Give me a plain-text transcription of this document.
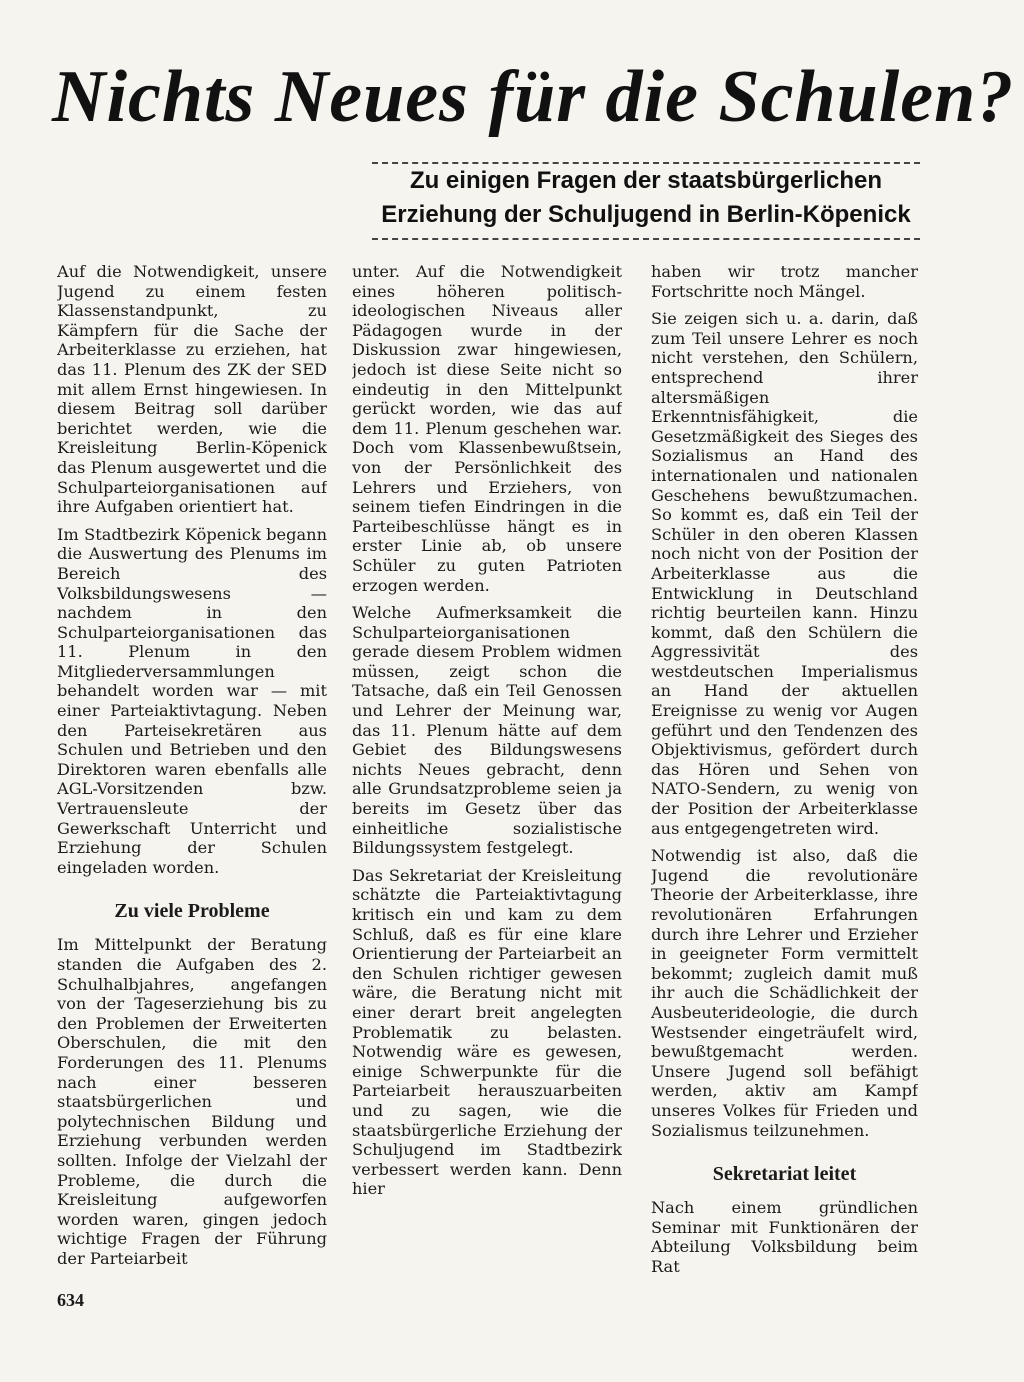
Nichts Neues für die Schulen?
Zu einigen Fragen der staatsbürgerlichen
Erziehung der Schuljugend in Berlin-Köpenick

Auf die Notwendigkeit, unsere Jugend zu einem festen Klassenstandpunkt, zu Kämpfern für die Sache der Arbeiterklasse zu erziehen, hat das 11. Plenum des ZK der SED mit allem Ernst hingewiesen. In diesem Beitrag soll darüber berichtet werden, wie die Kreisleitung Berlin-Köpenick das Plenum ausgewertet und die Schulparteiorganisationen auf ihre Aufgaben orientiert hat.

Im Stadtbezirk Köpenick begann die Auswertung des Plenums im Bereich des Volksbildungswesens — nachdem in den Schulparteiorganisationen das 11. Plenum in den Mitgliederversammlungen behandelt worden war — mit einer Parteiaktivtagung. Neben den Parteisekretären aus Schulen und Betrieben und den Direktoren waren ebenfalls alle AGL-Vorsitzenden bzw. Vertrauensleute der Gewerkschaft Unterricht und Erziehung der Schulen eingeladen worden.

Zu viele Probleme

Im Mittelpunkt der Beratung standen die Aufgaben des 2. Schulhalbjahres, angefangen von der Tageserziehung bis zu den Problemen der Erweiterten Oberschulen, die mit den Forderungen des 11. Plenums nach einer besseren staatsbürgerlichen und polytechnischen Bildung und Erziehung verbunden werden sollten. Infolge der Vielzahl der Probleme, die durch die Kreisleitung aufgeworfen worden waren, gingen jedoch wichtige Fragen der Führung der Parteiarbeit

unter. Auf die Notwendigkeit eines höheren politisch-ideologischen Niveaus aller Pädagogen wurde in der Diskussion zwar hingewiesen, jedoch ist diese Seite nicht so eindeutig in den Mittelpunkt gerückt worden, wie das auf dem 11. Plenum geschehen war. Doch vom Klassenbewußtsein, von der Persönlichkeit des Lehrers und Erziehers, von seinem tiefen Eindringen in die Parteibeschlüsse hängt es in erster Linie ab, ob unsere Schüler zu guten Patrioten erzogen werden.

Welche Aufmerksamkeit die Schulparteiorganisationen gerade diesem Problem widmen müssen, zeigt schon die Tatsache, daß ein Teil Genossen und Lehrer der Meinung war, das 11. Plenum hätte auf dem Gebiet des Bildungswesens nichts Neues gebracht, denn alle Grundsatzprobleme seien ja bereits im Gesetz über das einheitliche sozialistische Bildungssystem festgelegt.

Das Sekretariat der Kreisleitung schätzte die Parteiaktivtagung kritisch ein und kam zu dem Schluß, daß es für eine klare Orientierung der Parteiarbeit an den Schulen richtiger gewesen wäre, die Beratung nicht mit einer derart breit angelegten Problematik zu belasten. Notwendig wäre es gewesen, einige Schwerpunkte für die Parteiarbeit herauszuarbeiten und zu sagen, wie die staatsbürgerliche Erziehung der Schuljugend im Stadtbezirk verbessert werden kann. Denn hier

haben wir trotz mancher Fortschritte noch Mängel.

Sie zeigen sich u. a. darin, daß zum Teil unsere Lehrer es noch nicht verstehen, den Schülern, entsprechend ihrer altersmäßigen Erkenntnisfähigkeit, die Gesetzmäßigkeit des Sieges des Sozialismus an Hand des internationalen und nationalen Geschehens bewußtzumachen. So kommt es, daß ein Teil der Schüler in den oberen Klassen noch nicht von der Position der Arbeiterklasse aus die Entwicklung in Deutschland richtig beurteilen kann. Hinzu kommt, daß den Schülern die Aggressivität des westdeutschen Imperialismus an Hand der aktuellen Ereignisse zu wenig vor Augen geführt und den Tendenzen des Objektivismus, gefördert durch das Hören und Sehen von NATO-Sendern, zu wenig von der Position der Arbeiterklasse aus entgegengetreten wird.

Notwendig ist also, daß die Jugend die revolutionäre Theorie der Arbeiterklasse, ihre revolutionären Erfahrungen durch ihre Lehrer und Erzieher in geeigneter Form vermittelt bekommt; zugleich damit muß ihr auch die Schädlichkeit der Ausbeuterideologie, die durch Westsender eingeträufelt wird, bewußtgemacht werden. Unsere Jugend soll befähigt werden, aktiv am Kampf unseres Volkes für Frieden und Sozialismus teilzunehmen.

Sekretariat leitet

Nach einem gründlichen Seminar mit Funktionären der Abteilung Volksbildung beim Rat

634
